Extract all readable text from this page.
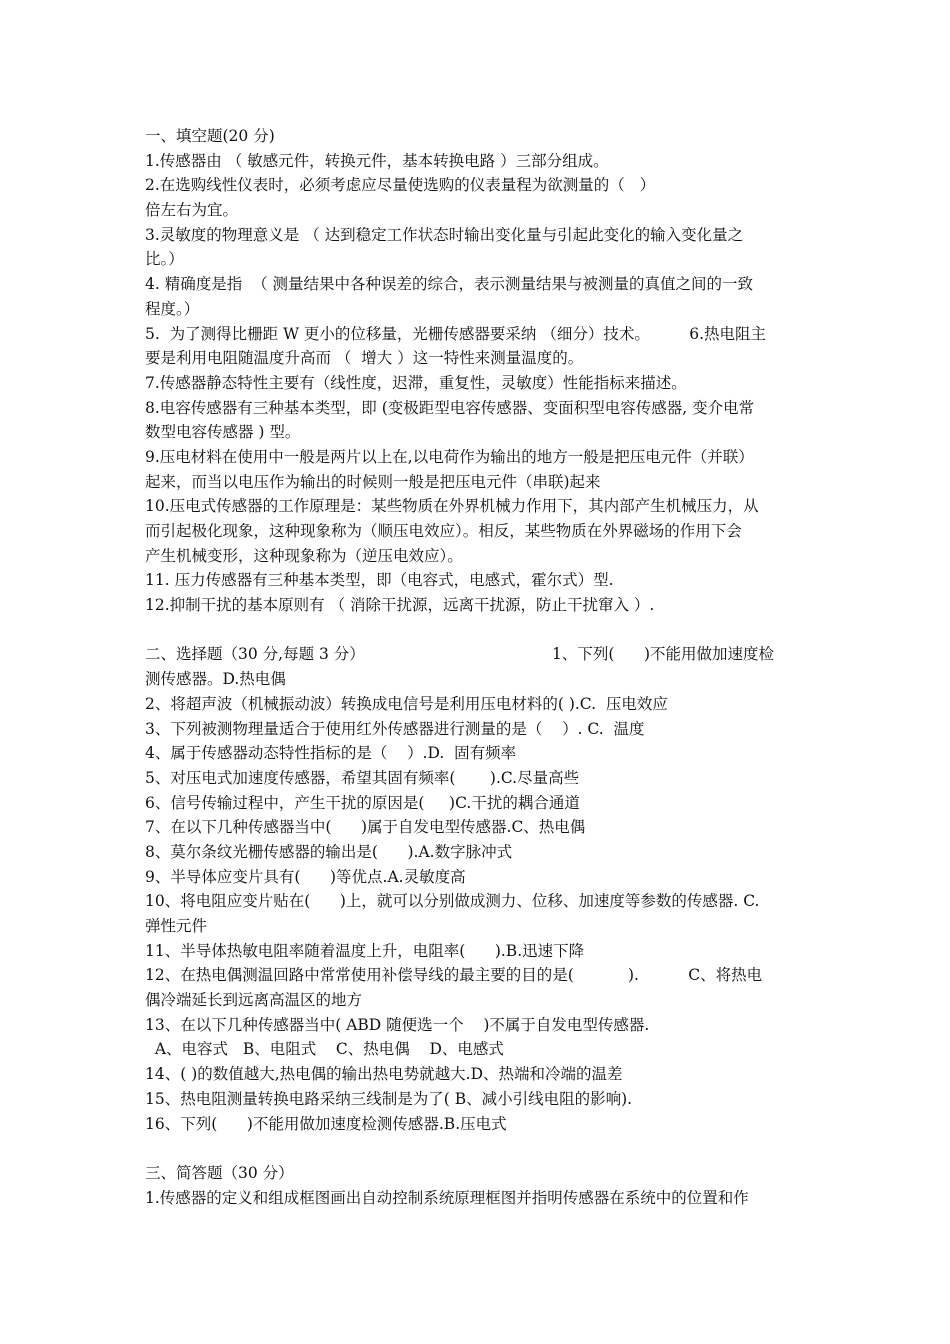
一、填空题(20 分)
1.传感器由 （ 敏感元件，转换元件，基本转换电路 ）三部分组成。
2.在选购线性仪表时，必须考虑应尽量使选购的仪表量程为欲测量的（   ）
倍左右为宜。
3.灵敏度的物理意义是 （ 达到稳定工作状态时输出变化量与引起此变化的输入变化量之
比。）
4. 精确度是指  （ 测量结果中各种误差的综合，表示测量结果与被测量的真值之间的一致
程度。）
5.  为了测得比栅距 W 更小的位移量，光栅传感器要采纳 （细分）技术。        6.热电阻主
要是利用电阻随温度升高而 （  增大 ）这一特性来测量温度的。
7.传感器静态特性主要有（线性度，迟滞，重复性，灵敏度）性能指标来描述。
8.电容传感器有三种基本类型，即 (变极距型电容传感器、变面积型电容传感器, 变介电常
数型电容传感器 ) 型。
9.压电材料在使用中一般是两片以上在,以电荷作为输出的地方一般是把压电元件（并联）
起来，而当以电压作为输出的时候则一般是把压电元件（串联)起来
10.压电式传感器的工作原理是：某些物质在外界机械力作用下，其内部产生机械压力，从
而引起极化现象，这种现象称为（顺压电效应）。相反，某些物质在外界磁场的作用下会
产生机械变形，这种现象称为（逆压电效应）。
11. 压力传感器有三种基本类型，即（电容式，电感式，霍尔式）型.
12.抑制干扰的基本原则有 （ 消除干扰源，远离干扰源，防止干扰窜入 ）.
二、选择题（30 分,每题 3 分）                                      1、下列(      )不能用做加速度检
测传感器。D.热电偶
2、将超声波（机械振动波）转换成电信号是利用压电材料的( ).C.  压电效应
3、下列被测物理量适合于使用红外传感器进行测量的是（    ）. C.  温度
4、属于传感器动态特性指标的是（    ）.D.  固有频率
5、对压电式加速度传感器，希望其固有频率(       ).C.尽量高些
6、信号传输过程中，产生干扰的原因是(     )C.干扰的耦合通道
7、在以下几种传感器当中(      )属于自发电型传感器.C、热电偶
8、莫尔条纹光栅传感器的输出是(      ).A.数字脉冲式
9、半导体应变片具有(      )等优点.A.灵敏度高
10、将电阻应变片贴在(      )上，就可以分别做成测力、位移、加速度等参数的传感器. C.
弹性元件
11、半导体热敏电阻率随着温度上升，电阻率(      ).B.迅速下降
12、在热电偶测温回路中常常使用补偿导线的最主要的目的是(           ).          C、将热电
偶冷端延长到远离高温区的地方
13、在以下几种传感器当中( ABD 随便选一个    )不属于自发电型传感器.
A、电容式   B、电阻式    C、热电偶    D、电感式
14、( )的数值越大,热电偶的输出热电势就越大.D、热端和冷端的温差
15、热电阻测量转换电路采纳三线制是为了( B、减小引线电阻的影响).
16、下列(      )不能用做加速度检测传感器.B.压电式
三、简答题（30 分）
1.传感器的定义和组成框图画出自动控制系统原理框图并指明传感器在系统中的位置和作
